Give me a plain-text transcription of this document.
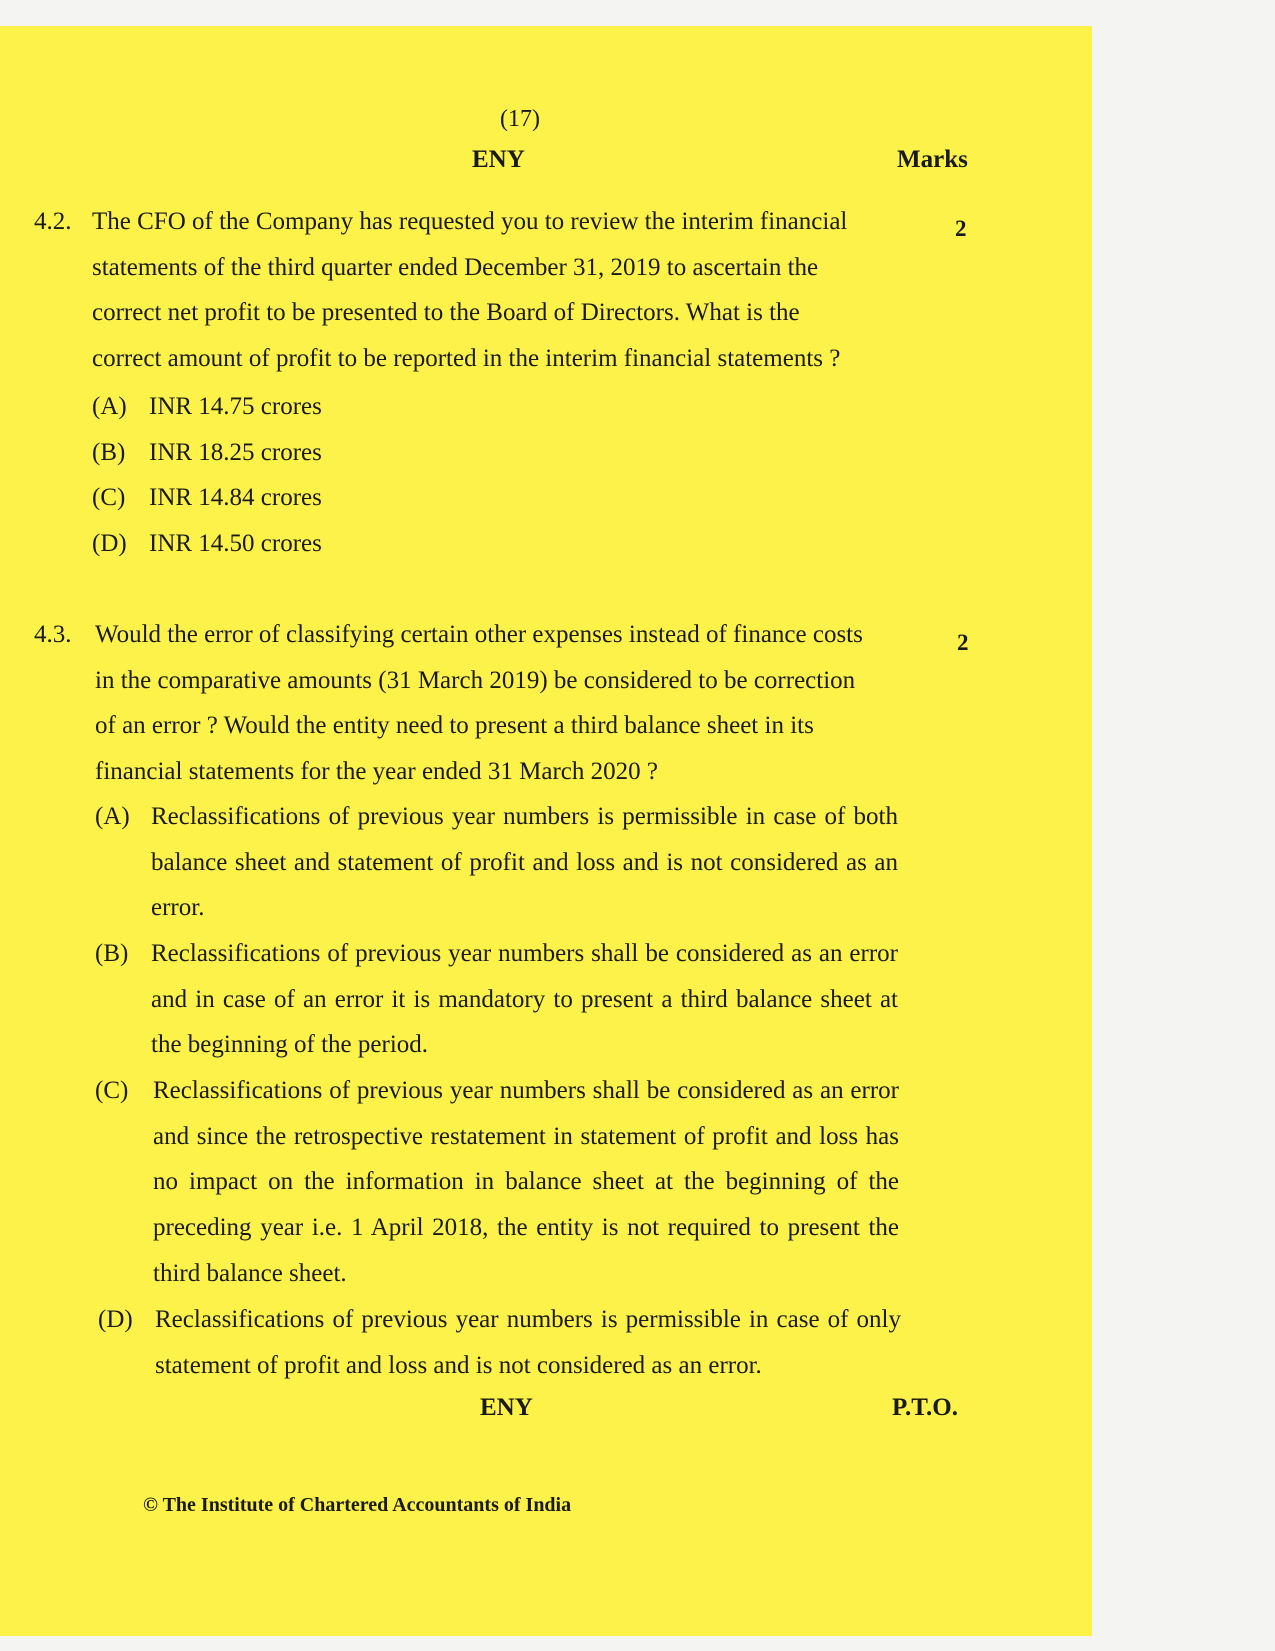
(17)
ENY	Marks
4.2.	2
The CFO of the Company has requested you to review the interim financial
statements of the third quarter ended December 31, 2019 to ascertain the
correct net profit to be presented to the Board of Directors. What is the
correct amount of profit to be reported in the interim financial statements ?
(A) INR 14.75 crores
(B) INR 18.25 crores
(C) INR 14.84 crores
(D) INR 14.50 crores
4.3.	2
Would the error of classifying certain other expenses instead of finance costs
in the comparative amounts (31 March 2019) be considered to be correction
of an error ? Would the entity need to present a third balance sheet in its
financial statements for the year ended 31 March 2020 ?
(A) Reclassifications of previous year numbers is permissible in case of both balance sheet and statement of profit and loss and is not considered as an error.
(B) Reclassifications of previous year numbers shall be considered as an error and in case of an error it is mandatory to present a third balance sheet at the beginning of the period.
(C) Reclassifications of previous year numbers shall be considered as an error and since the retrospective restatement in statement of profit and loss has no impact on the information in balance sheet at the beginning of the preceding year i.e. 1 April 2018, the entity is not required to present the third balance sheet.
(D) Reclassifications of previous year numbers is permissible in case of only statement of profit and loss and is not considered as an error.
ENY	P.T.O.
© The Institute of Chartered Accountants of India
